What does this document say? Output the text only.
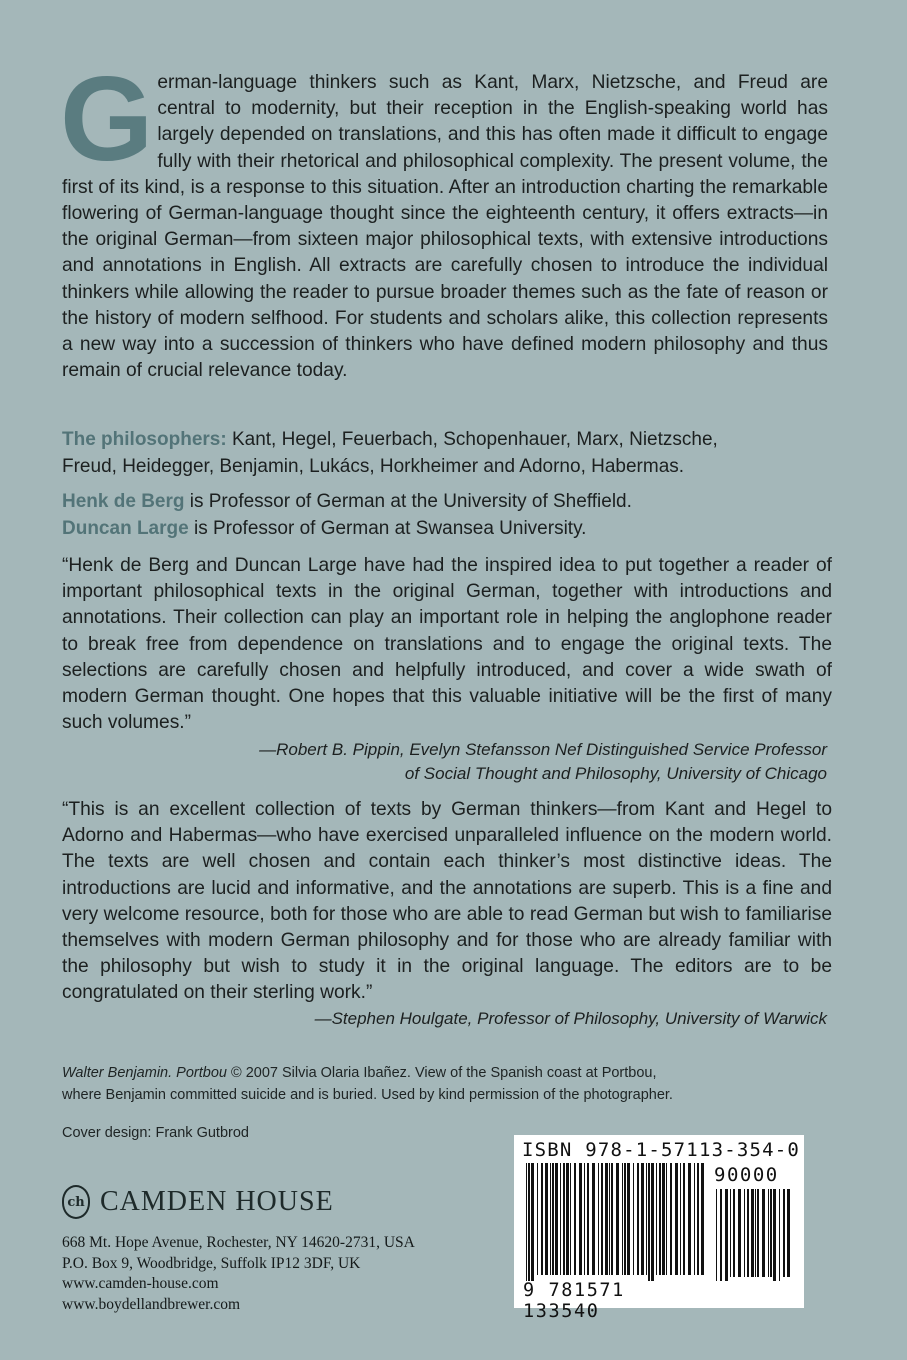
German-language thinkers such as Kant, Marx, Nietzsche, and Freud are central to modernity, but their reception in the English-speaking world has largely depended on translations, and this has often made it difficult to engage fully with their rhetorical and philosophical complexity. The present volume, the first of its kind, is a response to this situation. After an introduction charting the remarkable flowering of German-language thought since the eighteenth century, it offers extracts—in the original German—from sixteen major philosophical texts, with extensive introductions and annotations in English. All extracts are carefully chosen to introduce the individual thinkers while allowing the reader to pursue broader themes such as the fate of reason or the history of modern selfhood. For students and scholars alike, this collection represents a new way into a succession of thinkers who have defined modern philosophy and thus remain of crucial relevance today.
The philosophers: Kant, Hegel, Feuerbach, Schopenhauer, Marx, Nietzsche,
Freud, Heidegger, Benjamin, Lukács, Horkheimer and Adorno, Habermas.
Henk de Berg is Professor of German at the University of Sheffield.
Duncan Large is Professor of German at Swansea University.
“Henk de Berg and Duncan Large have had the inspired idea to put together a reader of important philosophical texts in the original German, together with introductions and annotations. Their collection can play an important role in helping the anglophone reader to break free from dependence on translations and to engage the original texts. The selections are carefully chosen and helpfully introduced, and cover a wide swath of modern German thought. One hopes that this valuable initiative will be the first of many such volumes.”
—Robert B. Pippin, Evelyn Stefansson Nef Distinguished Service Professor
of Social Thought and Philosophy, University of Chicago
“This is an excellent collection of texts by German thinkers—from Kant and Hegel to Adorno and Habermas—who have exercised unparalleled influence on the modern world. The texts are well chosen and contain each thinker’s most distinctive ideas. The introductions are lucid and informative, and the annotations are superb. This is a fine and very welcome resource, both for those who are able to read German but wish to familiarise themselves with modern German philosophy and for those who are already familiar with the philosophy but wish to study it in the original language. The editors are to be congratulated on their sterling work.”
—Stephen Houlgate, Professor of Philosophy, University of Warwick
Walter Benjamin. Portbou © 2007 Silvia Olaria Ibañez. View of the Spanish coast at Portbou,
where Benjamin committed suicide and is buried. Used by kind permission of the photographer.
Cover design: Frank Gutbrod
ch CAMDEN HOUSE
668 Mt. Hope Avenue, Rochester, NY 14620-2731, USA
P.O. Box 9, Woodbridge, Suffolk IP12 3DF, UK
www.camden-house.com
www.boydellandbrewer.com
ISBN 978-1-57113-354-0
90000
9 781571 133540
